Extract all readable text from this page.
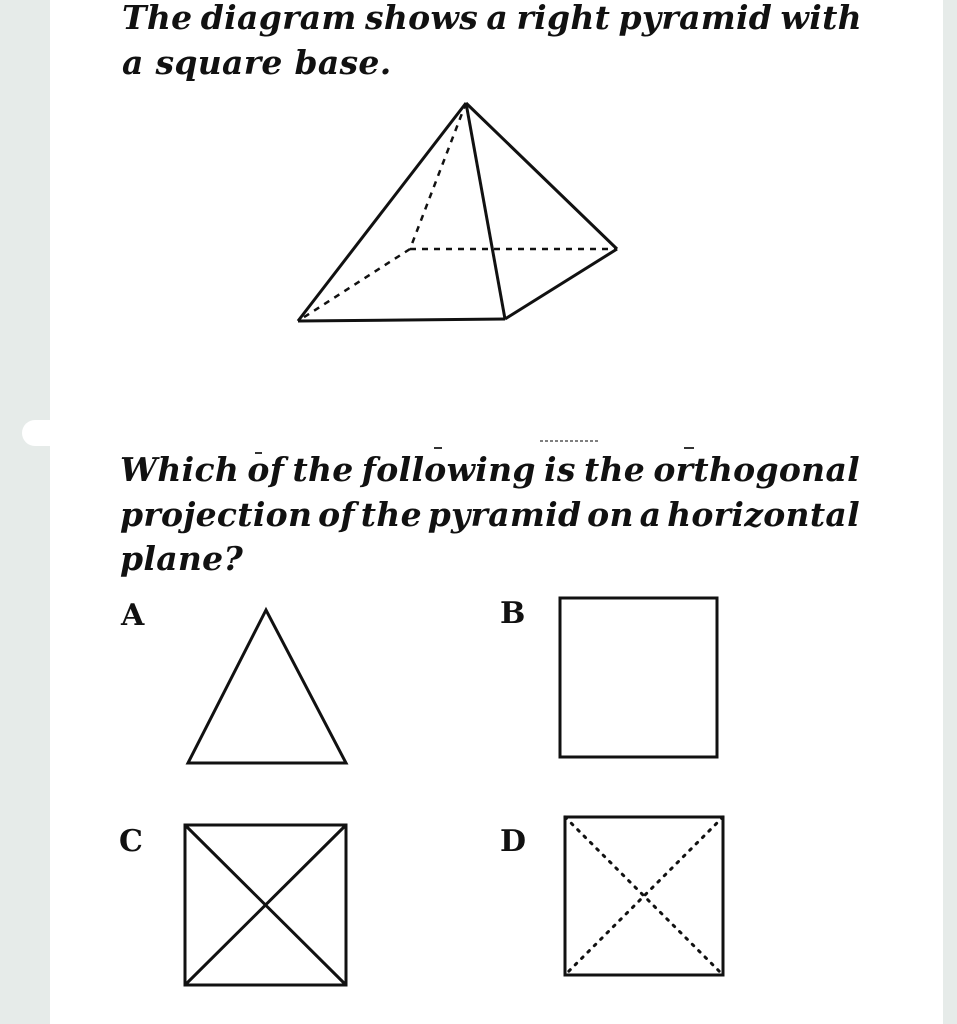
The diagram shows a right pyramid with
a square base.

Which of the following is the orthogonal
projection of the pyramid on a horizontal
plane?

A	B
C	D
